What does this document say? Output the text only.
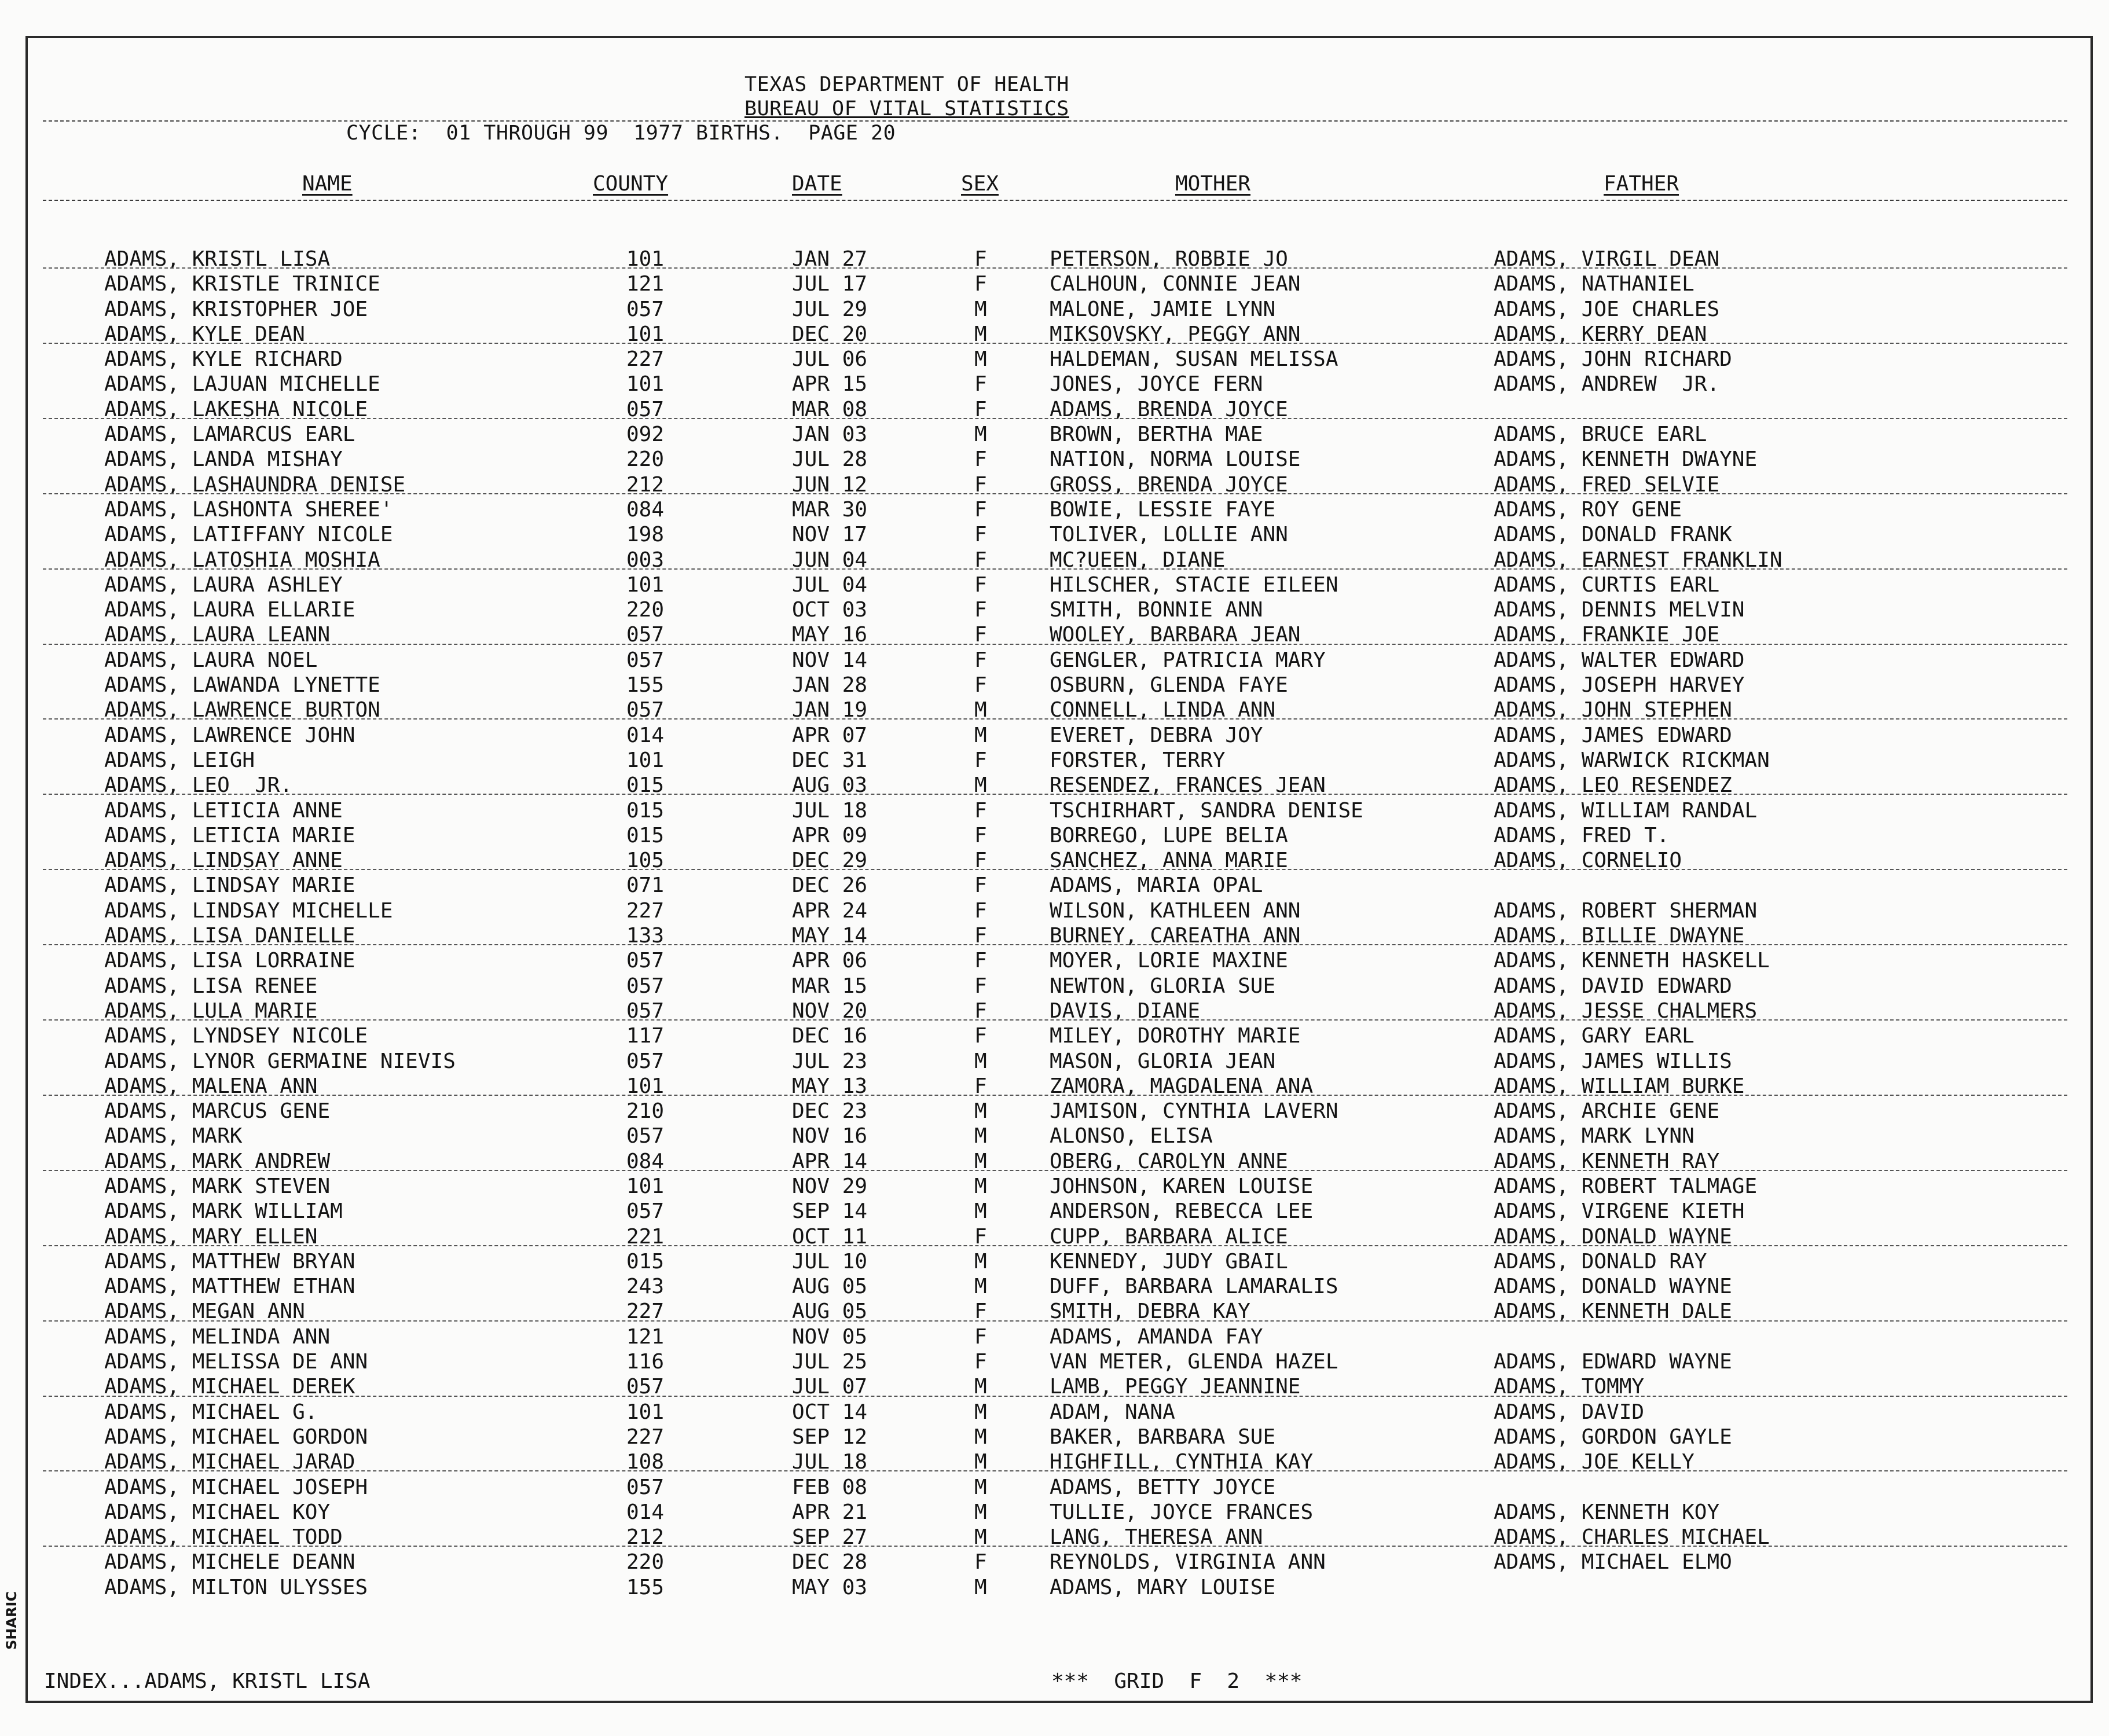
TEXAS DEPARTMENT OF HEALTH
BUREAU OF VITAL STATISTICS
CYCLE: 01 THROUGH 99 1977 BIRTHS. PAGE 20
NAME	COUNTY	DATE	SEX	MOTHER	FATHER
ADAMS, KRISTL LISA	101	JAN 27	F	PETERSON, ROBBIE JO	ADAMS, VIRGIL DEAN
ADAMS, KRISTLE TRINICE	121	JUL 17	F	CALHOUN, CONNIE JEAN	ADAMS, NATHANIEL
ADAMS, KRISTOPHER JOE	057	JUL 29	M	MALONE, JAMIE LYNN	ADAMS, JOE CHARLES
ADAMS, KYLE DEAN	101	DEC 20	M	MIKSOVSKY, PEGGY ANN	ADAMS, KERRY DEAN
ADAMS, KYLE RICHARD	227	JUL 06	M	HALDEMAN, SUSAN MELISSA	ADAMS, JOHN RICHARD
ADAMS, LAJUAN MICHELLE	101	APR 15	F	JONES, JOYCE FERN	ADAMS, ANDREW  JR.
ADAMS, LAKESHA NICOLE	057	MAR 08	F	ADAMS, BRENDA JOYCE
ADAMS, LAMARCUS EARL	092	JAN 03	M	BROWN, BERTHA MAE	ADAMS, BRUCE EARL
ADAMS, LANDA MISHAY	220	JUL 28	F	NATION, NORMA LOUISE	ADAMS, KENNETH DWAYNE
ADAMS, LASHAUNDRA DENISE	212	JUN 12	F	GROSS, BRENDA JOYCE	ADAMS, FRED SELVIE
ADAMS, LASHONTA SHEREE'	084	MAR 30	F	BOWIE, LESSIE FAYE	ADAMS, ROY GENE
ADAMS, LATIFFANY NICOLE	198	NOV 17	F	TOLIVER, LOLLIE ANN	ADAMS, DONALD FRANK
ADAMS, LATOSHIA MOSHIA	003	JUN 04	F	MC?UEEN, DIANE	ADAMS, EARNEST FRANKLIN
ADAMS, LAURA ASHLEY	101	JUL 04	F	HILSCHER, STACIE EILEEN	ADAMS, CURTIS EARL
ADAMS, LAURA ELLARIE	220	OCT 03	F	SMITH, BONNIE ANN	ADAMS, DENNIS MELVIN
ADAMS, LAURA LEANN	057	MAY 16	F	WOOLEY, BARBARA JEAN	ADAMS, FRANKIE JOE
ADAMS, LAURA NOEL	057	NOV 14	F	GENGLER, PATRICIA MARY	ADAMS, WALTER EDWARD
ADAMS, LAWANDA LYNETTE	155	JAN 28	F	OSBURN, GLENDA FAYE	ADAMS, JOSEPH HARVEY
ADAMS, LAWRENCE BURTON	057	JAN 19	M	CONNELL, LINDA ANN	ADAMS, JOHN STEPHEN
ADAMS, LAWRENCE JOHN	014	APR 07	M	EVERET, DEBRA JOY	ADAMS, JAMES EDWARD
ADAMS, LEIGH	101	DEC 31	F	FORSTER, TERRY	ADAMS, WARWICK RICKMAN
ADAMS, LEO  JR.	015	AUG 03	M	RESENDEZ, FRANCES JEAN	ADAMS, LEO RESENDEZ
ADAMS, LETICIA ANNE	015	JUL 18	F	TSCHIRHART, SANDRA DENISE	ADAMS, WILLIAM RANDAL
ADAMS, LETICIA MARIE	015	APR 09	F	BORREGO, LUPE BELIA	ADAMS, FRED T.
ADAMS, LINDSAY ANNE	105	DEC 29	F	SANCHEZ, ANNA MARIE	ADAMS, CORNELIO
ADAMS, LINDSAY MARIE	071	DEC 26	F	ADAMS, MARIA OPAL
ADAMS, LINDSAY MICHELLE	227	APR 24	F	WILSON, KATHLEEN ANN	ADAMS, ROBERT SHERMAN
ADAMS, LISA DANIELLE	133	MAY 14	F	BURNEY, CAREATHA ANN	ADAMS, BILLIE DWAYNE
ADAMS, LISA LORRAINE	057	APR 06	F	MOYER, LORIE MAXINE	ADAMS, KENNETH HASKELL
ADAMS, LISA RENEE	057	MAR 15	F	NEWTON, GLORIA SUE	ADAMS, DAVID EDWARD
ADAMS, LULA MARIE	057	NOV 20	F	DAVIS, DIANE	ADAMS, JESSE CHALMERS
ADAMS, LYNDSEY NICOLE	117	DEC 16	F	MILEY, DOROTHY MARIE	ADAMS, GARY EARL
ADAMS, LYNOR GERMAINE NIEVIS	057	JUL 23	M	MASON, GLORIA JEAN	ADAMS, JAMES WILLIS
ADAMS, MALENA ANN	101	MAY 13	F	ZAMORA, MAGDALENA ANA	ADAMS, WILLIAM BURKE
ADAMS, MARCUS GENE	210	DEC 23	M	JAMISON, CYNTHIA LAVERN	ADAMS, ARCHIE GENE
ADAMS, MARK	057	NOV 16	M	ALONSO, ELISA	ADAMS, MARK LYNN
ADAMS, MARK ANDREW	084	APR 14	M	OBERG, CAROLYN ANNE	ADAMS, KENNETH RAY
ADAMS, MARK STEVEN	101	NOV 29	M	JOHNSON, KAREN LOUISE	ADAMS, ROBERT TALMAGE
ADAMS, MARK WILLIAM	057	SEP 14	M	ANDERSON, REBECCA LEE	ADAMS, VIRGENE KIETH
ADAMS, MARY ELLEN	221	OCT 11	F	CUPP, BARBARA ALICE	ADAMS, DONALD WAYNE
ADAMS, MATTHEW BRYAN	015	JUL 10	M	KENNEDY, JUDY GBAIL	ADAMS, DONALD RAY
ADAMS, MATTHEW ETHAN	243	AUG 05	M	DUFF, BARBARA LAMARALIS	ADAMS, DONALD WAYNE
ADAMS, MEGAN ANN	227	AUG 05	F	SMITH, DEBRA KAY	ADAMS, KENNETH DALE
ADAMS, MELINDA ANN	121	NOV 05	F	ADAMS, AMANDA FAY
ADAMS, MELISSA DE ANN	116	JUL 25	F	VAN METER, GLENDA HAZEL	ADAMS, EDWARD WAYNE
ADAMS, MICHAEL DEREK	057	JUL 07	M	LAMB, PEGGY JEANNINE	ADAMS, TOMMY
ADAMS, MICHAEL G.	101	OCT 14	M	ADAM, NANA	ADAMS, DAVID
ADAMS, MICHAEL GORDON	227	SEP 12	M	BAKER, BARBARA SUE	ADAMS, GORDON GAYLE
ADAMS, MICHAEL JARAD	108	JUL 18	M	HIGHFILL, CYNTHIA KAY	ADAMS, JOE KELLY
ADAMS, MICHAEL JOSEPH	057	FEB 08	M	ADAMS, BETTY JOYCE
ADAMS, MICHAEL KOY	014	APR 21	M	TULLIE, JOYCE FRANCES	ADAMS, KENNETH KOY
ADAMS, MICHAEL TODD	212	SEP 27	M	LANG, THERESA ANN	ADAMS, CHARLES MICHAEL
ADAMS, MICHELE DEANN	220	DEC 28	F	REYNOLDS, VIRGINIA ANN	ADAMS, MICHAEL ELMO
ADAMS, MILTON ULYSSES	155	MAY 03	M	ADAMS, MARY LOUISE
INDEX...ADAMS, KRISTL LISA	***  GRID  F  2  ***
SHARIC
